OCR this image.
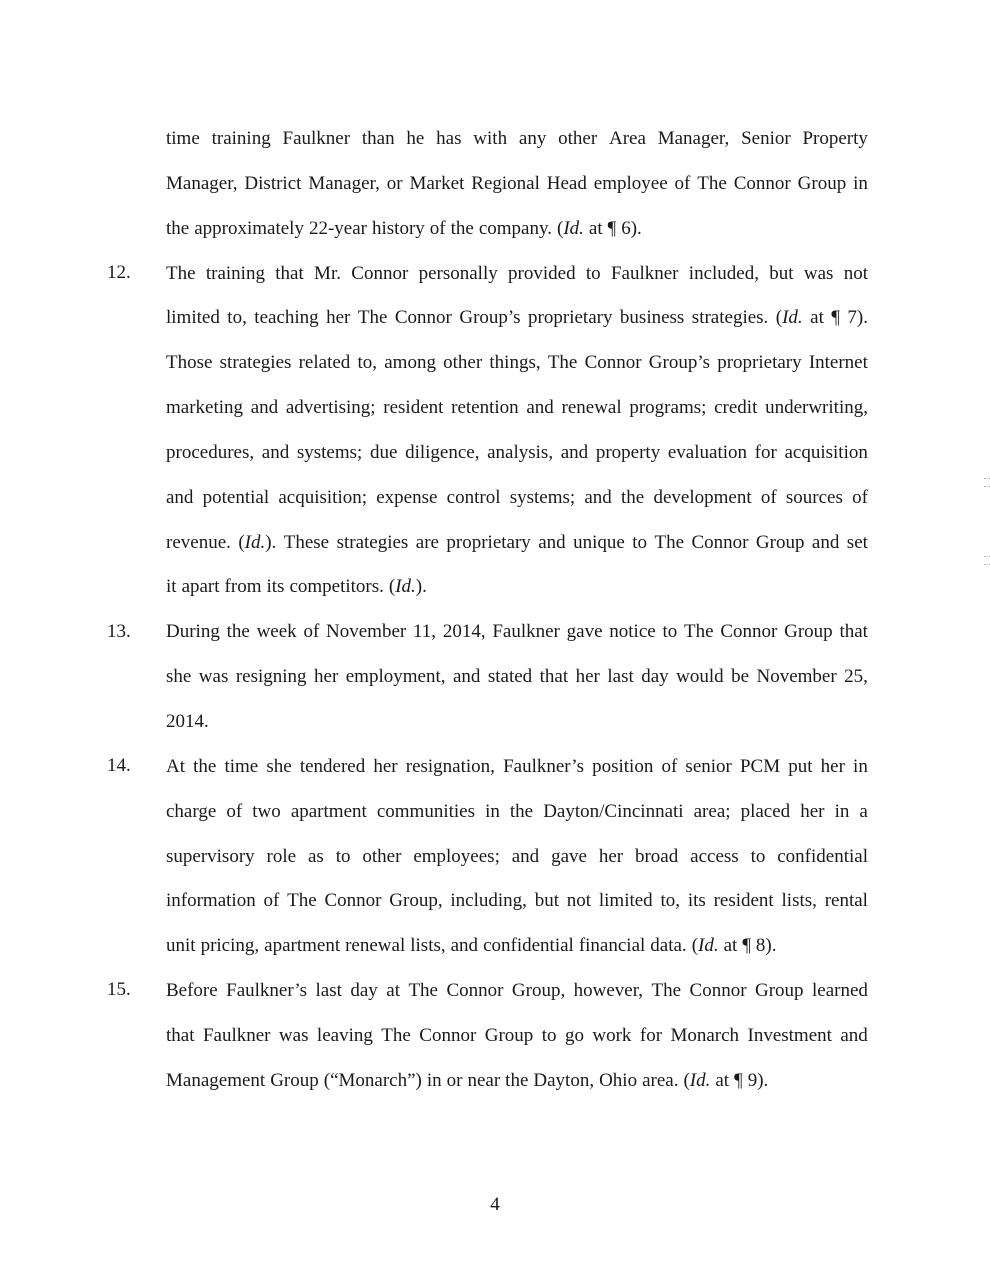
time training Faulkner than he has with any other Area Manager, Senior Property
Manager, District Manager, or Market Regional Head employee of The Connor Group in
the approximately 22-year history of the company. (Id. at ¶ 6).
The training that Mr. Connor personally provided to Faulkner included, but was not
limited to, teaching her The Connor Group’s proprietary business strategies. (Id. at ¶ 7).
Those strategies related to, among other things, The Connor Group’s proprietary Internet
marketing and advertising; resident retention and renewal programs; credit underwriting,
procedures, and systems; due diligence, analysis, and property evaluation for acquisition
and potential acquisition; expense control systems; and the development of sources of
revenue. (Id.). These strategies are proprietary and unique to The Connor Group and set
it apart from its competitors. (Id.).
During the week of November 11, 2014, Faulkner gave notice to The Connor Group that
she was resigning her employment, and stated that her last day would be November 25,
2014.
At the time she tendered her resignation, Faulkner’s position of senior PCM put her in
charge of two apartment communities in the Dayton/Cincinnati area; placed her in a
supervisory role as to other employees; and gave her broad access to confidential
information of The Connor Group, including, but not limited to, its resident lists, rental
unit pricing, apartment renewal lists, and confidential financial data. (Id. at ¶ 8).
Before Faulkner’s last day at The Connor Group, however, The Connor Group learned
that Faulkner was leaving The Connor Group to go work for Monarch Investment and
Management Group (“Monarch”) in or near the Dayton, Ohio area. (Id. at ¶ 9).
12.
13.
14.
15.
4
